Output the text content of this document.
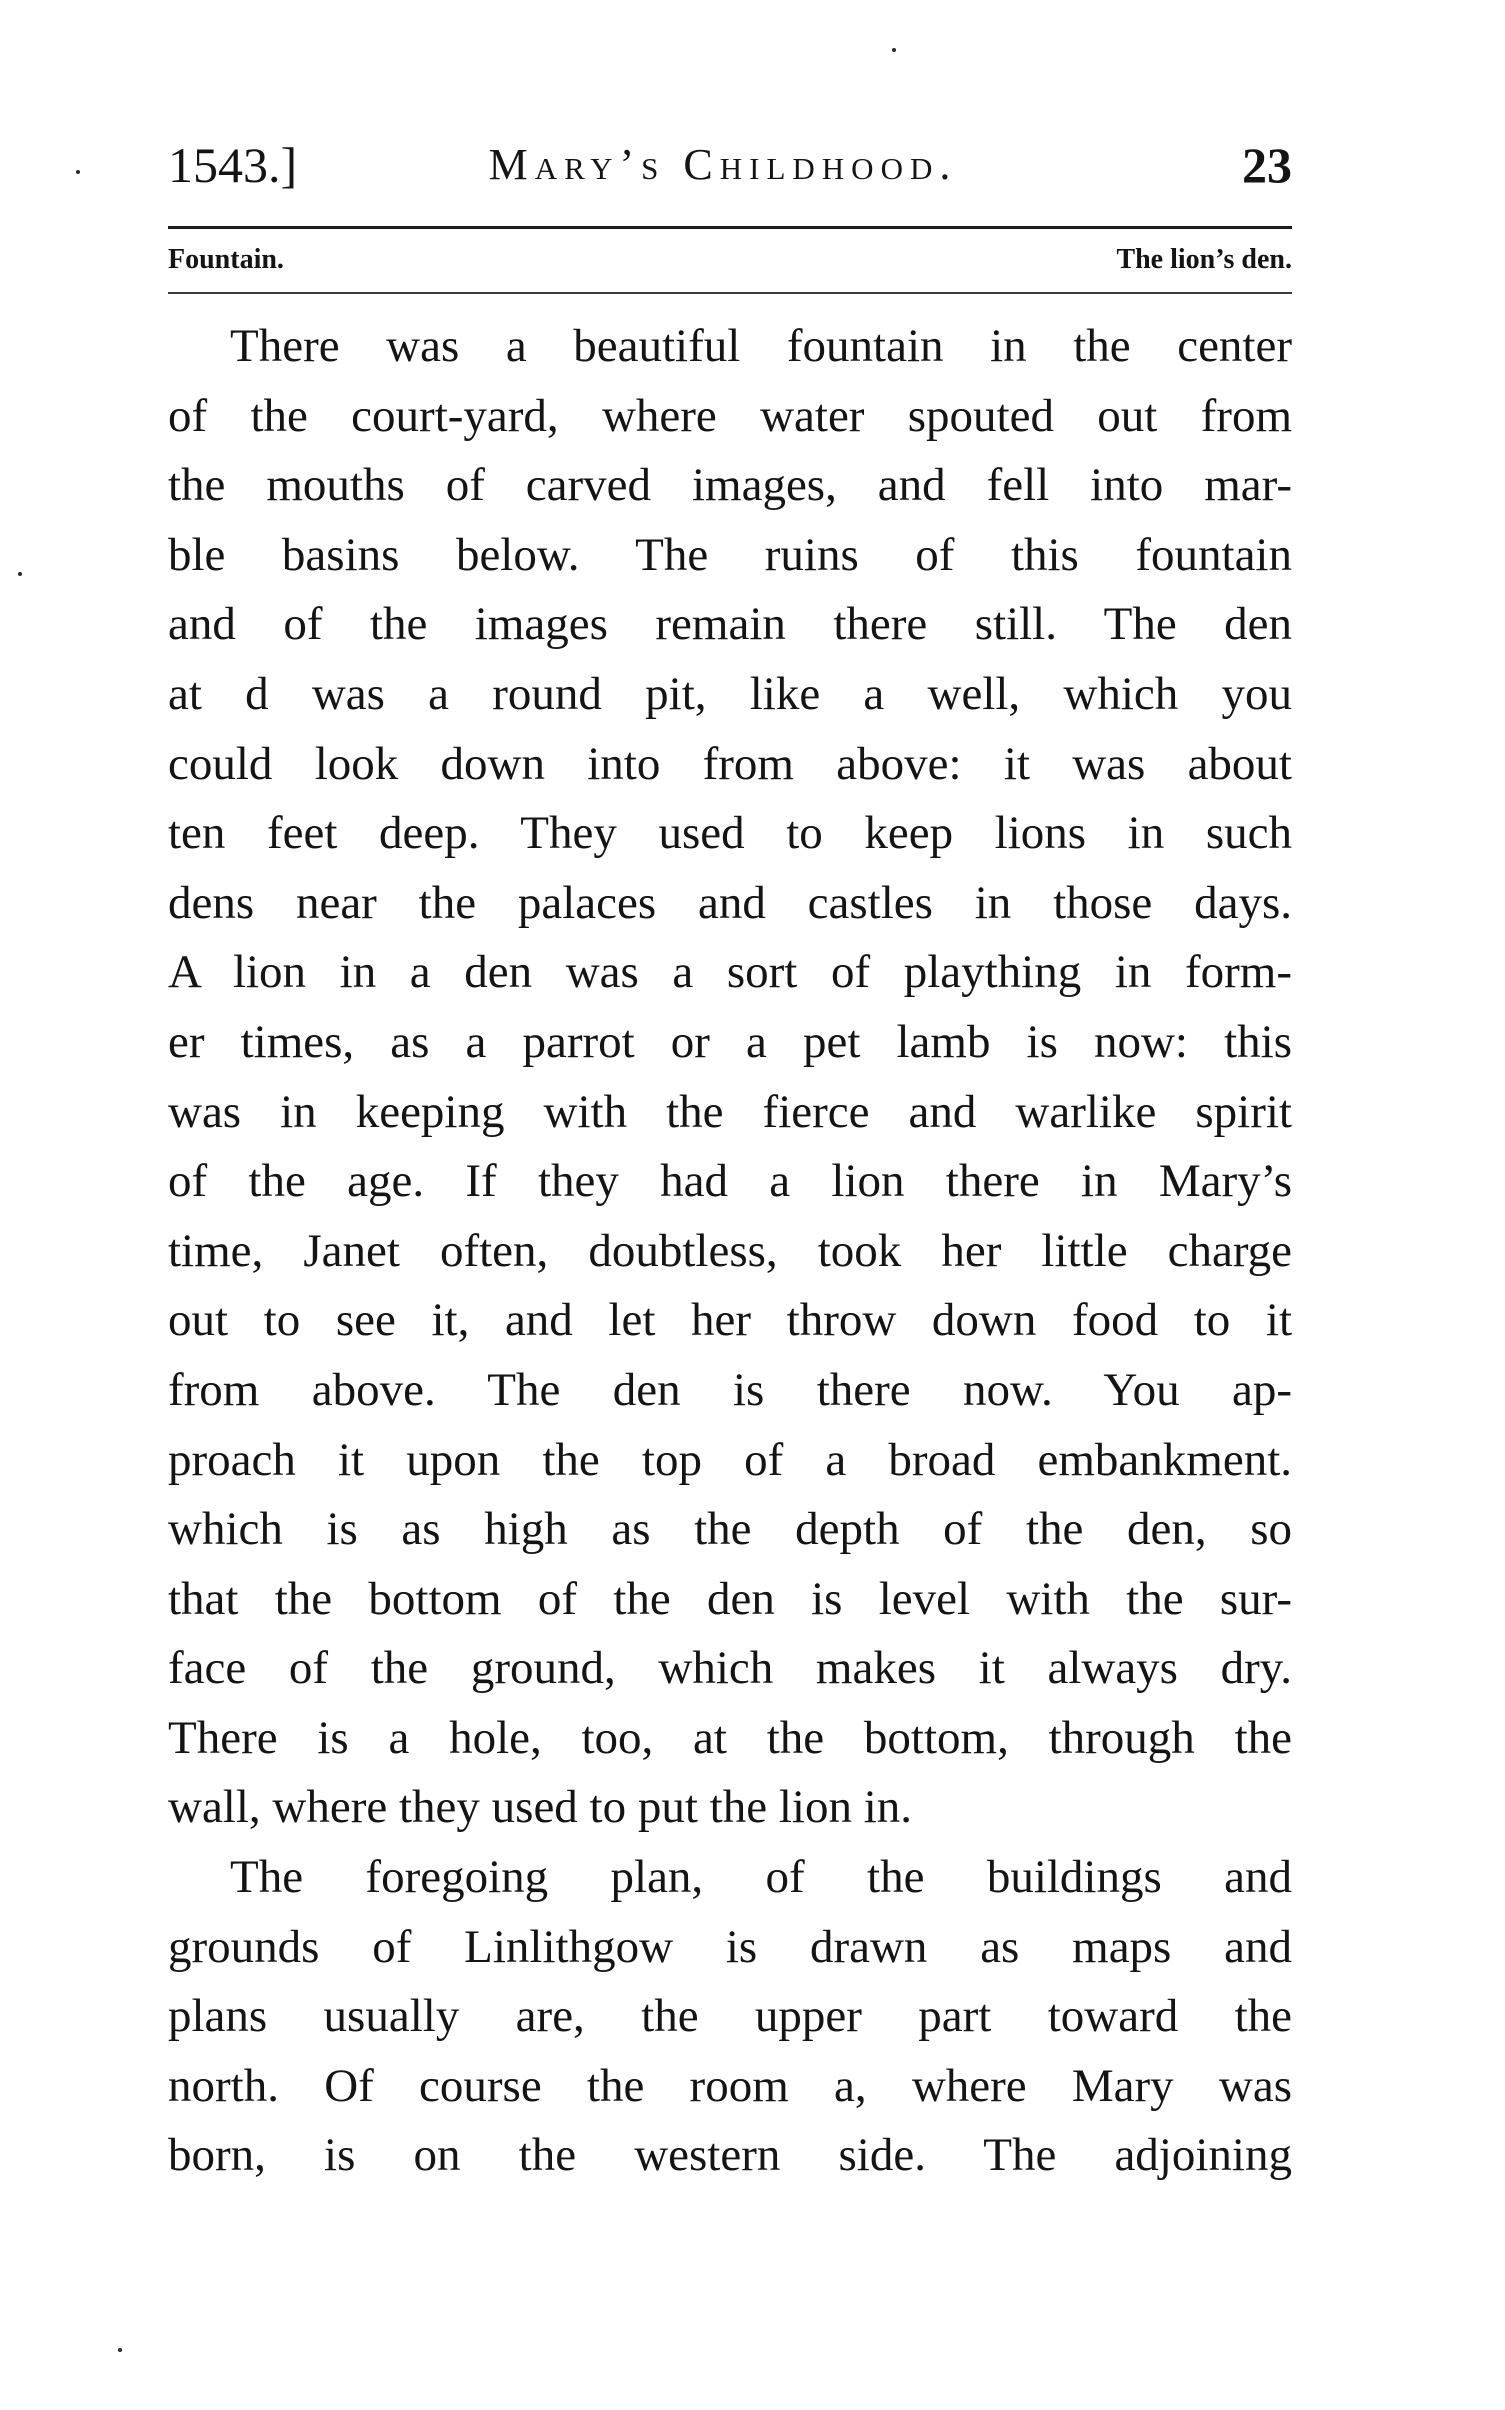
1543.]	Mary’s Childhood.	23
Fountain.	The lion’s den.
There was a beautiful fountain in the center
of the court-yard, where water spouted out from
the mouths of carved images, and fell into mar-
ble basins below. The ruins of this fountain
and of the images remain there still. The den
at d was a round pit, like a well, which you
could look down into from above: it was about
ten feet deep. They used to keep lions in such
dens near the palaces and castles in those days.
A lion in a den was a sort of plaything in form-
er times, as a parrot or a pet lamb is now: this
was in keeping with the fierce and warlike spirit
of the age. If they had a lion there in Mary’s
time, Janet often, doubtless, took her little charge
out to see it, and let her throw down food to it
from above. The den is there now. You ap-
proach it upon the top of a broad embankment.
which is as high as the depth of the den, so
that the bottom of the den is level with the sur-
face of the ground, which makes it always dry.
There is a hole, too, at the bottom, through the
wall, where they used to put the lion in.
The foregoing plan, of the buildings and
grounds of Linlithgow is drawn as maps and
plans usually are, the upper part toward the
north. Of course the room a, where Mary was
born, is on the western side. The adjoining
